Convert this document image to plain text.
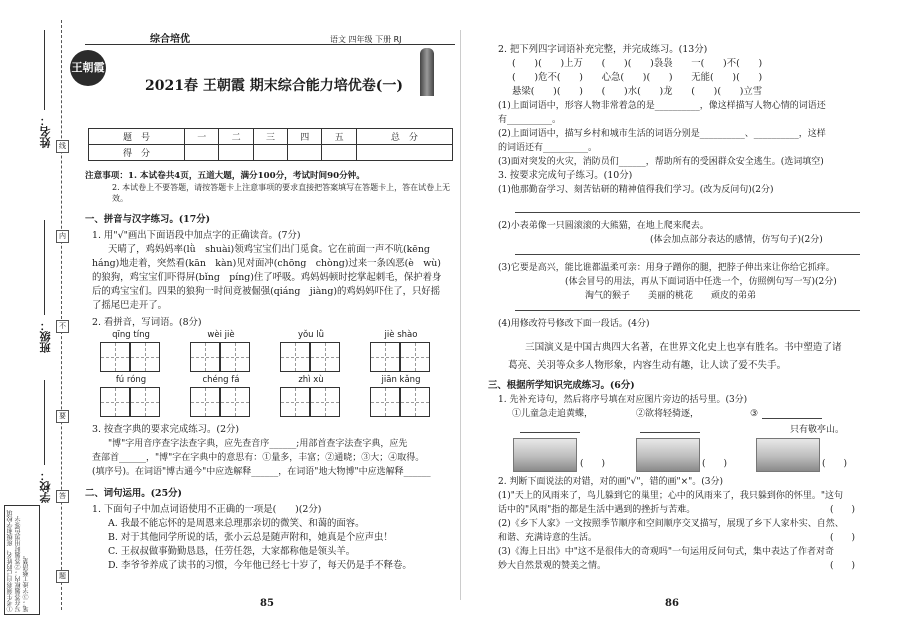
姓名：
班级：
学校：
线
内
不
要
答
题
①考生须将自己的姓名、班级和学校填写在答题框内；②答题时用黑色签字笔；③字迹工整清楚。
综合培优	语文 四年级 下册 RJ
王朝霞
2021春 王朝霞 期末综合能力培优卷(一)
题　号	一	二	三	四	五	总　分
得　分						
注意事项：1. 本试卷共4页，五道大题，满分100分，考试时间90分钟。
2. 本试卷上不要答题，请按答题卡上注意事项的要求直接把答案填写在答题卡上，答在试卷上无效。
一、拼音与汉字练习。(17分)
1. 用"√"画出下面语段中加点字的正确读音。(7分)
天晴了，鸡妈妈率(lǜ　shuài)领鸡宝宝们出门觅食。它在前面一声不吭(kēng
háng)地走着，突然看(kān　kàn)见对面冲(chōng　chòng)过来一条凶恶(è　wù)
的狼狗，鸡宝宝们吓得屏(bǐng　píng)住了呼吸。鸡妈妈顿时挖掌起刺毛，保护着身
后的鸡宝宝们。四果的狼狗一时间竟被倔强(qiáng　jiàng)的鸡妈妈吓住了，只好摇
了摇尾巴走开了。
2. 看拼音，写词语。(8分)
qīng tíng	wèi jiè	yǒu lǜ	jiè shào
fú róng	chéng fá	zhì xù	jiān kǎng
3. 按查字典的要求完成练习。(2分)
"博"字用音序查字法查字典，应先查音序______;用部首查字法查字典，应先
查部首______，"博"字在字典中的意思有：①量多，丰富；②通晓；③大；④取得。
(填序号)。在词语"博古通今"中应选解释______，在词语"地大物博"中应选解释______
二、词句运用。(25分)
1. 下面句子中加点词语使用不正确的一项是(　　)(2分)
A. 我最不能忘怀的是周恩来总理那亲切的微笑、和蔼的面容。
B. 对于其他同学所说的话，张小云总是随声附和，她真是个应声虫！
C. 王叔叔做事勤勤恳恳，任劳任怨，大家都称他是领头羊。
D. 李爷爷养成了读书的习惯，今年他已经七十岁了，每天仍是手不释卷。
85
2. 把下列四字词语补充完整，并完成练习。(13分)
(　　)(　　)上万　　(　　)(　　)袅袅　　一(　　)不(　　)
(　　)危不(　　)　　心急(　　)(　　)　　无能(　　)(　　)
悬梁(　　)(　　)　　(　　)水(　　)龙　　(　　)(　　)立雪
(1)上面词语中，形容人物非常着急的是__________，像这样描写人物心情的词语还
有__________。
(2)上面词语中，描写乡村和城市生活的词语分别是__________、__________，这样
的词语还有__________。
(3)面对突发的火灾，消防员们______，帮助所有的受困群众安全逃生。(选词填空)
3. 按要求完成句子练习。(10分)
(1)他那勤奋学习、刻苦钻研的精神值得我们学习。(改为反问句)(2分)
(2)小表弟像一只圆滚滚的大熊猫，在地上爬来爬去。
(体会加点部分表达的感情，仿写句子)(2分)
(3)它要是高兴，能比谁都温柔可亲：用身子蹭你的腿，把脖子伸出来让你给它抓痒。
(体会冒号的用法，再从下面词语中任选一个，仿照例句写一写)(2分)
淘气的猴子　　美丽的桃花　　顽皮的弟弟
(4)用修改符号修改下面一段话。(4分)
三国演义是中国古典四大名著，在世界文化史上也享有胜名。书中塑造了诸
葛亮、关羽等众多人物形象，内容生动有趣，让人读了爱不失手。
三、根据所学知识完成练习。(6分)
1. 先补充诗句，然后将序号填在对应图片旁边的括号里。(3分)
①儿童急走追黄蝶，	②欲将轻骑逐，	③
只有敬亭山。
(　　)	(　　)	(　　)
2. 判断下面说法的对错，对的画"√"，错的画"×"。(3分)
(1)"天上的风雨来了，鸟儿躲到它的巢里；心中的风雨来了，我只躲到你的怀里。"这句
话中的"风雨"指的都是生活中遇到的挫折与苦难。	(　　)
(2)《乡下人家》一文按照季节顺序和空间顺序交叉描写，展现了乡下人家朴实、自然、
和谐、充满诗意的生活。	(　　)
(3)《海上日出》中"这不是很伟大的奇观吗"一句运用反问句式，集中表达了作者对奇
妙大自然景观的赞美之情。	(　　)
86
